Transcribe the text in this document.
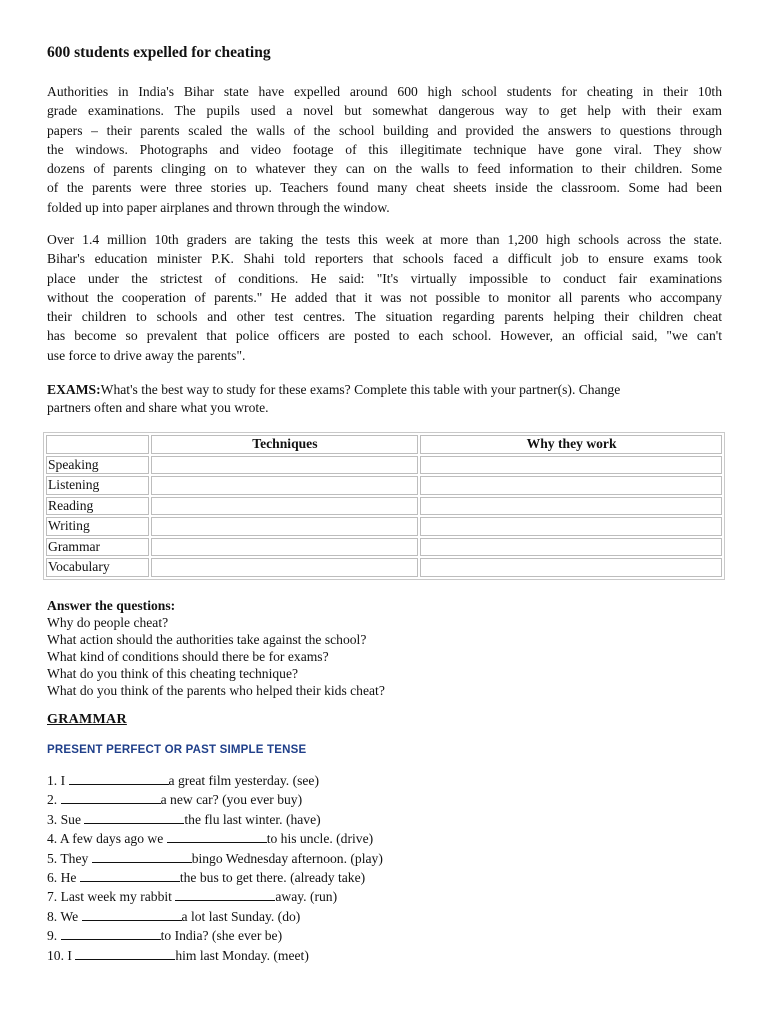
600 students expelled for cheating

Authorities in India's Bihar state have expelled around 600 high school students for cheating in their 10th
grade examinations. The pupils used a novel but somewhat dangerous way to get help with their exam
papers – their parents scaled the walls of the school building and provided the answers to questions through
the windows. Photographs and video footage of this illegitimate technique have gone viral. They show
dozens of parents clinging on to whatever they can on the walls to feed information to their children. Some
of the parents were three stories up. Teachers found many cheat sheets inside the classroom. Some had been
folded up into paper airplanes and thrown through the window.

Over 1.4 million 10th graders are taking the tests this week at more than 1,200 high schools across the state.
Bihar's education minister P.K. Shahi told reporters that schools faced a difficult job to ensure exams took
place under the strictest of conditions. He said: "It's virtually impossible to conduct fair examinations
without the cooperation of parents." He added that it was not possible to monitor all parents who accompany
their children to schools and other test centres. The situation regarding parents helping their children cheat
has become so prevalent that police officers are posted to each school. However, an official said, "we can't
use force to drive away the parents".

EXAMS:What's the best way to study for these exams? Complete this table with your partner(s). Change
partners often and share what you wrote.

	Techniques	Why they work
Speaking		
Listening		
Reading		
Writing		
Grammar		
Vocabulary		
Answer the questions:
Why do people cheat?
What action should the authorities take against the school?
What kind of conditions should there be for exams?
What do you think of this cheating technique?
What do you think of the parents who helped their kids cheat?
GRAMMAR
PRESENT PERFECT OR PAST SIMPLE TENSE
1. I	a great film yesterday. (see)
2.	a new car? (you ever buy)
3. Sue	the flu last winter. (have)
4. A few days ago we	to his uncle. (drive)
5. They	bingo Wednesday afternoon. (play)
6. He	the bus to get there. (already take)
7. Last week my rabbit	away. (run)
8. We	a lot last Sunday. (do)
9.	to India? (she ever be)
10. I	him last Monday. (meet)
